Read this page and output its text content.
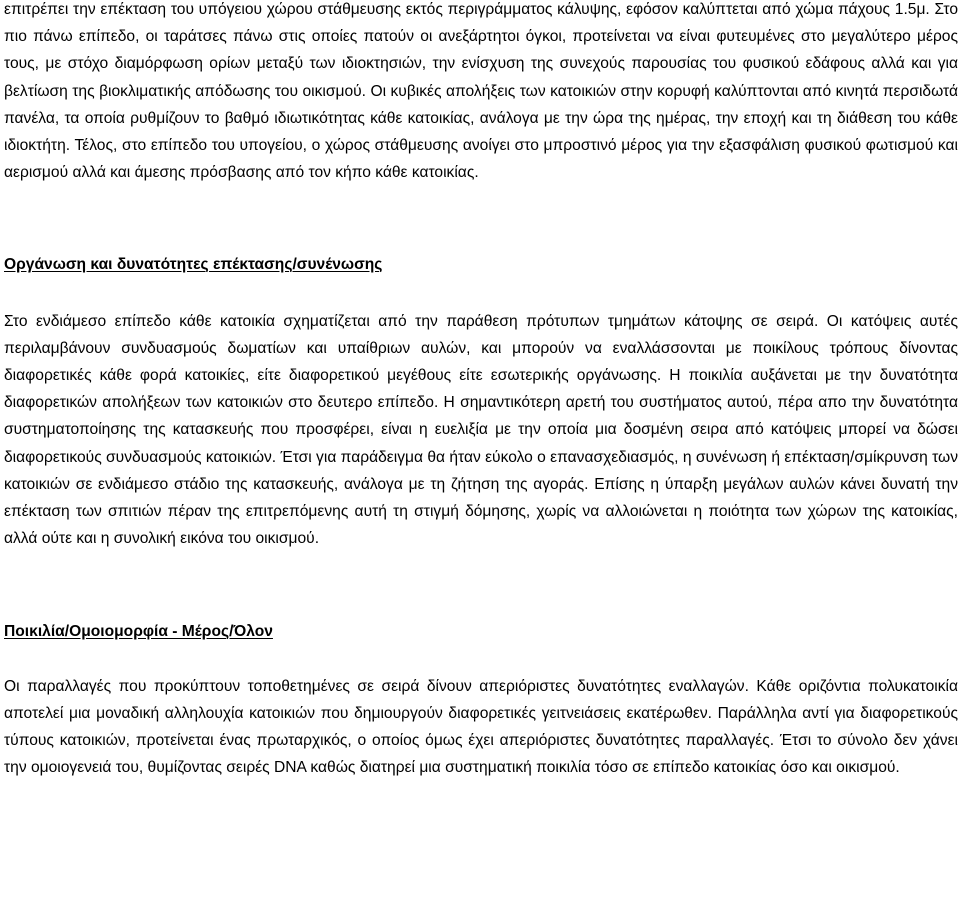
επιτρέπει την επέκταση του υπόγειου χώρου στάθμευσης εκτός περιγράμματος κάλυψης, εφόσον καλύπτεται από χώμα πάχους 1.5μ. Στο πιο πάνω επίπεδο, οι ταράτσες πάνω στις οποίες πατούν οι ανεξάρτητοι όγκοι, προτείνεται να είναι φυτευμένες στο μεγαλύτερο μέρος τους, με στόχο διαμόρφωση ορίων μεταξύ των ιδιοκτησιών, την ενίσχυση της συνεχούς παρουσίας του φυσικού εδάφους αλλά και για βελτίωση της βιοκλιματικής απόδωσης του οικισμού. Οι κυβικές απολήξεις των κατοικιών στην κορυφή καλύπτονται από κινητά περσιδωτά πανέλα, τα οποία ρυθμίζουν το βαθμό ιδιωτικότητας κάθε κατοικίας, ανάλογα με την ώρα της ημέρας, την εποχή και τη διάθεση του κάθε ιδιοκτήτη. Τέλος, στο επίπεδο του υπογείου, ο χώρος στάθμευσης ανοίγει στο μπροστινό μέρος για την εξασφάλιση φυσικού φωτισμού και αερισμού αλλά και άμεσης πρόσβασης από τον κήπο κάθε κατοικίας.

Οργάνωση και δυνατότητες επέκτασης/συνένωσης

Στο ενδιάμεσο επίπεδο κάθε κατοικία σχηματίζεται από την παράθεση πρότυπων τμημάτων κάτοψης σε σειρά. Οι κατόψεις αυτές περιλαμβάνουν συνδυασμούς δωματίων και υπαίθριων αυλών, και μπορούν να εναλλάσσονται με ποικίλους τρόπους δίνοντας διαφορετικές κάθε φορά κατοικίες, είτε διαφορετικού μεγέθους είτε εσωτερικής οργάνωσης. Η ποικιλία αυξάνεται με την δυνατότητα διαφορετικών απολήξεων των κατοικιών στο δευτερο επίπεδο. Η σημαντικότερη αρετή του συστήματος αυτού, πέρα απο την δυνατότητα συστηματοποίησης της κατασκευής που προσφέρει, είναι η ευελιξία με την οποία μια δοσμένη σειρα από κατόψεις μπορεί να δώσει διαφορετικούς συνδυασμούς κατοικιών. Έτσι για παράδειγμα θα ήταν εύκολο ο επανασχεδιασμός, η συνένωση ή επέκταση/σμίκρυνση των κατοικιών σε ενδιάμεσο στάδιο της κατασκευής, ανάλογα με τη ζήτηση της αγοράς. Επίσης η ύπαρξη μεγάλων αυλών κάνει δυνατή την επέκταση των σπιτιών πέραν της επιτρεπόμενης αυτή τη στιγμή δόμησης, χωρίς να αλλοιώνεται η ποιότητα των χώρων της κατοικίας, αλλά ούτε και η συνολική εικόνα του οικισμού.

Ποικιλία/Ομοιομορφία - Μέρος/Όλον

Οι παραλλαγές που προκύπτουν τοποθετημένες σε σειρά δίνουν απεριόριστες δυνατότητες εναλλαγών. Κάθε οριζόντια πολυκατοικία αποτελεί μια μοναδική αλληλουχία κατοικιών που δημιουργούν διαφορετικές γειτνειάσεις εκατέρωθεν. Παράλληλα αντί για διαφορετικούς τύπους κατοικιών, προτείνεται ένας πρωταρχικός, ο οποίος όμως έχει απεριόριστες δυνατότητες παραλλαγές. Έτσι το σύνολο δεν χάνει την ομοιογενειά του, θυμίζοντας σειρές DNA καθώς διατηρεί μια συστηματική ποικιλία τόσο σε επίπεδο κατοικίας όσο και οικισμού.
